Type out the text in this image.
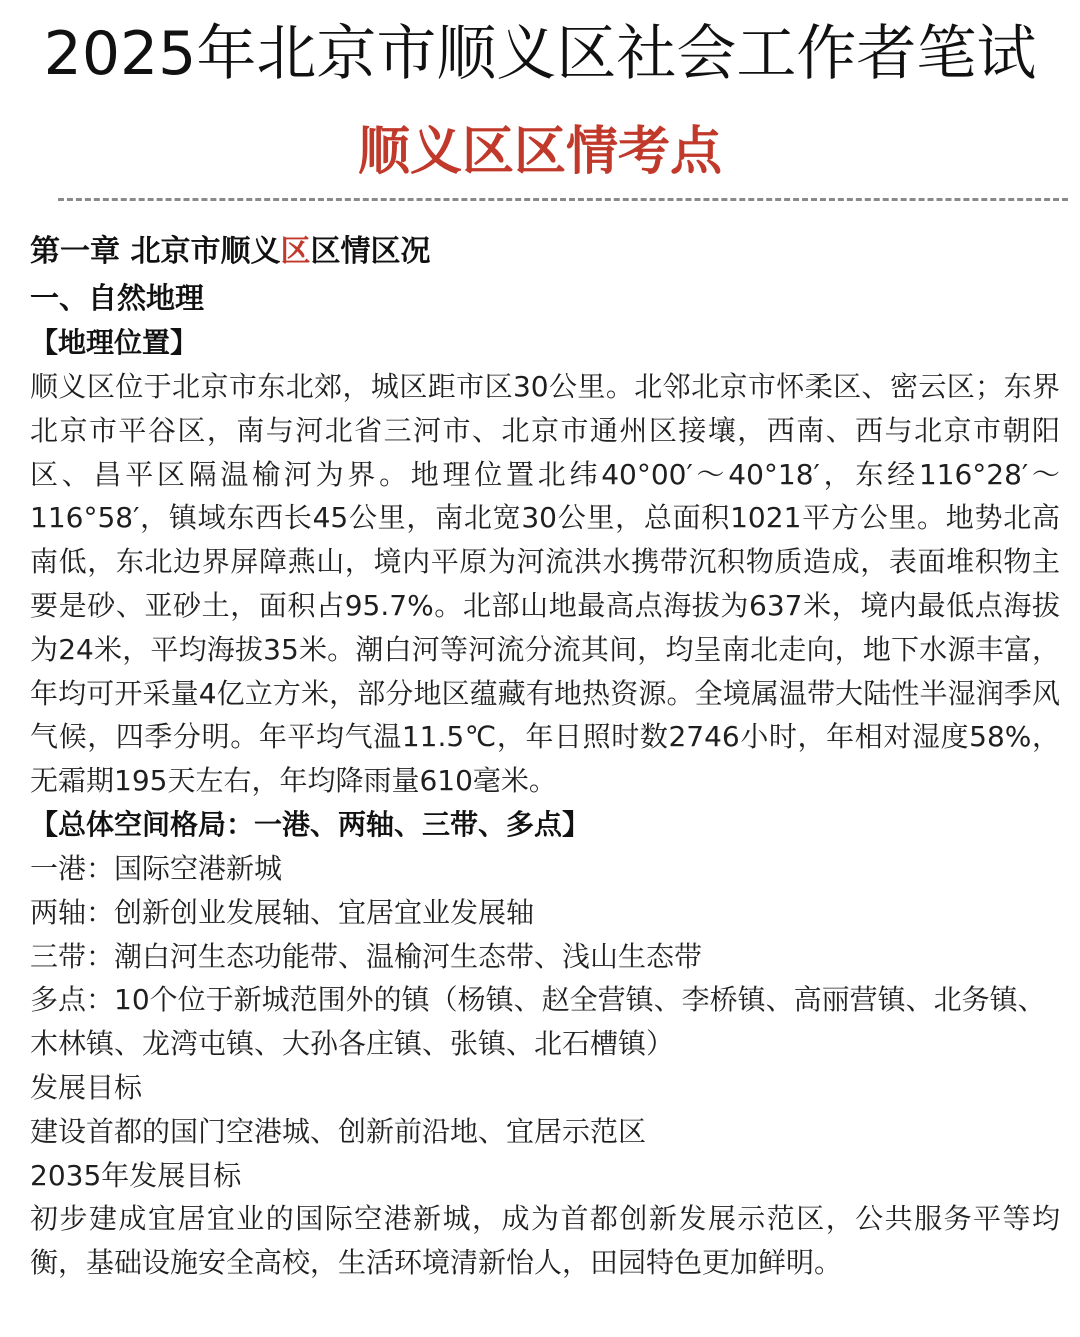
2025年北京市顺义区社会工作者笔试
顺义区区情考点

第一章 北京市顺义区区情区况

一、自然地理

【地理位置】

顺义区位于北京市东北郊，城区距市区30公里。北邻北京市怀柔区、密云区；东界北京市平谷区，南与河北省三河市、北京市通州区接壤，西南、西与北京市朝阳区、昌平区隔温榆河为界。地理位置北纬40°00′～40°18′，东经116°28′～116°58′，镇域东西长45公里，南北宽30公里，总面积1021平方公里。地势北高南低，东北边界屏障燕山，境内平原为河流洪水携带沉积物质造成，表面堆积物主要是砂、亚砂土，面积占95.7%。北部山地最高点海拔为637米，境内最低点海拔为24米，平均海拔35米。潮白河等河流分流其间，均呈南北走向，地下水源丰富，年均可开采量4亿立方米，部分地区蕴藏有地热资源。全境属温带大陆性半湿润季风气候，四季分明。年平均气温11.5℃，年日照时数2746小时，年相对湿度58%，无霜期195天左右，年均降雨量610毫米。

【总体空间格局：一港、两轴、三带、多点】

一港：国际空港新城

两轴：创新创业发展轴、宜居宜业发展轴

三带：潮白河生态功能带、温榆河生态带、浅山生态带

多点：10个位于新城范围外的镇（杨镇、赵全营镇、李桥镇、高丽营镇、北务镇、木林镇、龙湾屯镇、大孙各庄镇、张镇、北石槽镇）

发展目标

建设首都的国门空港城、创新前沿地、宜居示范区

2035年发展目标

初步建成宜居宜业的国际空港新城，成为首都创新发展示范区，公共服务平等均衡，基础设施安全高校，生活环境清新怡人，田园特色更加鲜明。
